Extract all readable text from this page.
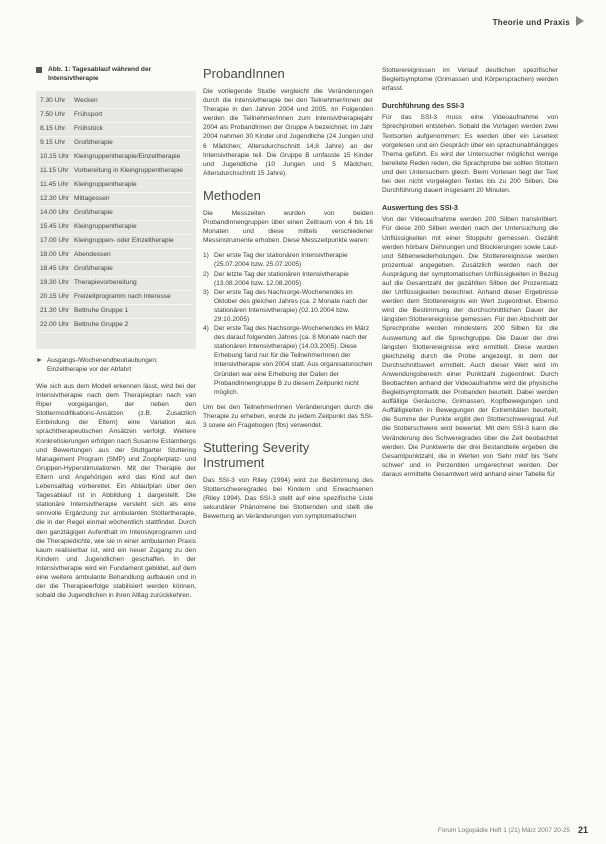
Theorie und Praxis
Abb. 1: Tagesablauf während der Intensivtherapie
7.30 Uhr	Wecken
7.50 Uhr	Frühsport
8.15 Uhr	Frühstück
9.15 Uhr	Großtherapie
10.15 Uhr Kleingruppentherapie/Einzeltherapie
11.15 Uhr Vorbereitung in Kleingruppentherapie
11.45 Uhr Kleingruppentherapie
12.30 Uhr Mittagessen
14.00 Uhr Großtherapie
15.45 Uhr Kleingruppentherapie
17.00 Uhr Kleingruppen- oder Einzeltherapie
18.00 Uhr Abendessen
18.45 Uhr Großtherapie
19.30 Uhr Therapievorbereitung
20.15 Uhr Freizeitprogramm nach Interesse
21.30 Uhr Bettruhe Gruppe 1
22.00 Uhr Bettruhe Gruppe 2
► Ausgangs-/Wochenendbeurlaubungen: Einzeltherapie vor der Abfahrt

Wie sich aus dem Modell erkennen lässt, wird bei der Intensivtherapie nach dem Therapieplan nach van Riper vorgegangen, der neben den Stottermodifikations-Ansätzen (z.B. Zusatzlich Einbindung der Eltern) eine Variation aus sprachtherapeutischen Ansätzen verfolgt. Weitere Konkretisierungen erfolgen nach Susanne Estambergs und Bewertungen aus der Stuttgarter Stuttering Management Program (SMP) und Zoopferplatz- und Gruppen-Hyperstimulationen. Mit der Therapie der Eltern und Angehörigen wird das Kind auf den Lebensalltag vorbereitet. Ein Ablaufplan über den Tagesablauf ist in Abbildung 1 dargestellt. Die stationäre Intensivtherapie versteht sich als eine sinnvolle Ergänzung zur ambulanten Stottertherapie, die in der Regel einmal wöchentlich stattfindet. Durch den ganztägigen Aufenthalt im Intensivprogramm und die Therapiedichte, wie sie in einer ambulanten Praxis kaum realisierbar ist, wird ein neuer Zugang zu den Kindern und Jugendlichen geschaffen. In der Intensivtherapie wird ein Fundament gebildet, auf dem eine weitere ambulante Behandlung aufbauen und in der die Therapieerfolge stabilisiert werden können, sobald die Jugendlichen in ihren Alltag zurückkehren.

ProbandInnen

Die vorliegende Studie vergleicht die Veränderungen durch die Intensivtherapie bei den Teilnehmer/innen der Therapie in den Jahren 2004 und 2005. Im Folgenden werden die Teilnehmer/innen zum Intensivtherapiejahr 2004 als ProbandInnen der Gruppe A bezeichnet. Im Jahr 2004 nahmen 30 Kinder und Jugendliche (24 Jungen und 6 Mädchen; Altersdurchschnitt 14,8 Jahre) an der Intensivtherapie teil. Die Gruppe B umfasste 15 Kinder und Jugendliche (10 Jungen und 5 Mädchen; Altersdurchschnitt 15 Jahre).

Methoden

Die Messzeiten wurden von beiden ProbandInnengruppen über einen Zeitraum von 4 bis 16 Monaten und diese mittels verschiedener Messinstrumente erhoben. Diese Messzeitpunkte waren:

1) Der erste Tag der stationären Intensivtherapie (25.07.2004 bzw. 25.07.2005)
2) Der letzte Tag der stationären Intensivtherapie (13.08.2004 bzw. 12.08.2005)
3) Der erste Tag des Nachsorge-Wochenendes im Oktober des gleichen Jahres (ca. 2 Monate nach der stationären Intensivtherapie) (02.10.2004 bzw. 29.10.2005)
4) Der erste Tag des Nachsorge-Wochenendes im März des darauf folgenden Jahres (ca. 8 Monate nach der stationären Intensivtherapie) (14.03.2005). Diese Erhebung fand nur für die TeilnehmerInnen der Intensivtherapie von 2004 statt. Aus organisatorischen Gründen war eine Erhebung der Daten der ProbandInnengruppe B zu diesem Zeitpunkt nicht möglich.

Um bei den TeilnehmerInnen Veränderungen durch die Therapie zu erheben, wurde zu jedem Zeitpunkt das SSI-3 sowie ein Fragebogen (fbs) verwendet.

Stuttering Severity Instrument

Das SSI-3 von Riley (1994) wird zur Bestimmung des Stotterschweregrades bei Kindern und Erwachsenen (Riley 1994). Das SSI-3 stellt auf eine spezifische Liste sekundärer Phänomene bei Stotternden und stellt die Bewertung an Veränderungen von symptomatischen

Stotterereignissen im Verlauf deutlichen spezifischer Begleitsymptome (Grimassen und Körpersprachen) werden erfasst.

Durchführung des SSI-3

Für das SSI-3 muss eine Videoaufnahme von Sprechproben entstehen. Sobald die Vorlagen werden zwei Textsorten aufgenommen: Es werden über ein Lesetext vorgelesen und ein Gespräch über ein sprachunabhängiges Thema geführt. Es wird der Untersucher möglichst wenige bereitete Reden reden, die Sprachprobe bei sollten Stottern und den Untersuchern gleich. Beim Vorlesen liegt der Text bei den nicht vorgelegten Textes bis zu 200 Silben. Die Durchführung dauert insgesamt 20 Minuten.

Auswertung des SSI-3

Von der Videoaufnahme werden 200 Silben transkribiert. Für diese 200 Silben werden nach der Untersuchung die Unflüssigkeiten mit einer Stoppuhr gemessen. Gezählt werden hörbare Dehnungen und Blockierungen sowie Laut- und Silbenwiederholungen. Die Stotterereignisse werden prozentual angegeben. Zusätzlich werden nach der Ausprägung der symptomatischen Unflüssigkeiten in Bezug auf die Gesamtzahl der gezählten Silben der Prozentsatz der Unflüssigkeiten berechnet. Anhand dieser Ergebnisse werden dem Stotterereignis ein Wert zugeordnet. Ebenso wird die Bestimmung der durchschnittlichen Dauer der längsten Stotterereignisse gemessen. Für den Abschnitt der Sprechprobe werden mindestens 200 Silben für die Auswertung auf die Sprechgruppe. Die Dauer der drei längsten Stotterereignisse wird ermittelt. Diese wurden gleichzeitig durch die Probe angezeigt, in dem der Durchschnittswert ermittelt. Auch dieser Wert wird im Anwendungsbereich einer Punktzahl zugeordnet. Durch Beobachten anhand der Videoaufnahme wird die physische Begleitsymptomatik der Probanden beurteilt. Dabei werden auffällige Geräusche, Grimassen, Kopfbewegungen und Auffälligkeiten in Bewegungen der Extremitäten beurteilt, die Summe der Punkte ergibt den Stotterschweregrad. Auf die Stotterschwere wird bewertet. Mit dem SSI-3 kann die Veränderung des Schweregrades über die Zeit beobachtet werden. Die Punktwerte der drei Bestandteile ergeben die Gesamtpunktzahl, die in Werten von 'Sehr mild' bis 'Sehr schwer' und in Perzentilen umgerechnet werden. Der daraus ermittelte Gesamtwert wird anhand einer Tabelle für

Forum Logopädie Heft 1 (21) März 2007 20-25 21
